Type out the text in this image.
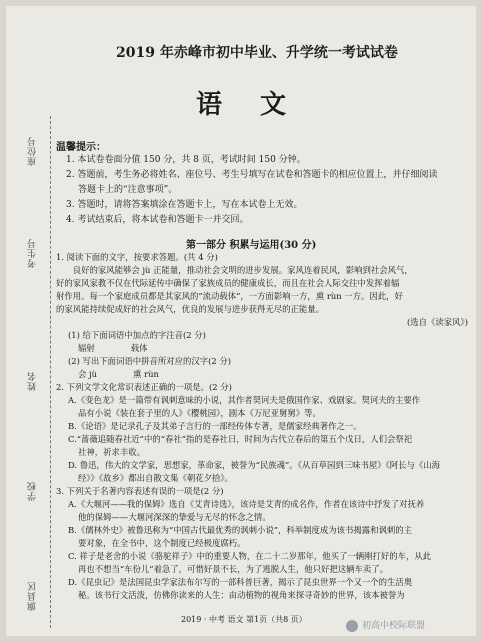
座位号
考生号
姓名
学校
旗县区
2019 年赤峰市初中毕业、升学统一考试试卷
语文
温馨提示：

1. 本试卷卷面分值 150 分，共 8 页，考试时间 150 分钟。

2. 答题前，考生务必将姓名、座位号、考生号填写在试卷和答题卡的相应位置上，并仔细阅读

答题卡上的“注意事项”。

3. 答题时，请将答案填涂在答题卡上，写在本试卷上无效。

4. 考试结束后，将本试卷和答题卡一并交回。

第一部分 积累与运用(30 分)

1. 阅读下面的文字，按要求答题。(共 4 分)

良好的家风能够会 jù 正能量，推动社会文明的进步发展。家风连着民风，影响到社会风气，

好的家风家教不仅在代际延传中确保了家族成员的健康成长，而且在社会人际交往中发挥着辐

射作用。每一个家庭成员都是其家风的“流动载体”，一方面影响一方，熏 rùn 一方。因此，好

的家风能持续促成好的社会风气，优良的发展与进步获得无尽的正能量。

(选自《读家风》)

(1) 给下面词语中加点的字注音(2 分)

辐射	载体

(2) 写出下面词语中拼音所对应的汉字(2 分)

会 jù	熏 rùn

2. 下列文学文化常识表述正确的一项是。(2 分)

A.《变色龙》是一篇带有讽刺意味的小说，其作者契诃夫是俄国作家、戏剧家。契诃夫的主要作

品有小说《装在套子里的人》《樱桃园》，剧本《万尼亚舅舅》等。

B.《论语》是记录孔子及其弟子言行的一部经传体专著，是儒家经典著作之一。

C.“蔷薇追随春社近”中的“春社”指的是春社日，时间为古代立春后的第五个戊日，人们会祭祀

社神，祈求丰收。

D. 鲁迅，伟大的文学家，思想家，革命家，被誉为“民族魂”。《从百草园到三味书屋》《阿长与《山海

经》》《故乡》都出自散文集《朝花夕拾》。

3. 下列关于名著内容表述有误的一项是(2 分)

A.《大堰河——我的保姆》选自《艾青诗选》，该诗是艾青的成名作，作者在该诗中抒发了对抚养

他的保姆——大堰河深深的挚爱与无尽的怀念之情。

B.《儒林外史》被鲁迅称为“中国古代最优秀的讽刺小说”，科举制度成为该书揭露和讽刺的主

要对象，在全书中，这个制度已经极度腐朽。

C. 祥子是老舍的小说《骆驼祥子》中的重要人物，在二十二岁那年，他买了一辆刚打好的车，从此

再也不想当“车份儿”着急了，可惜好景不长，为了逃脱人生，他只好把这辆车卖了。

D.《昆虫记》是法国昆虫学家法布尔写的一部科普巨著，揭示了昆虫世界一个又一个的生活奥

秘。该书行文活泼，仿佛你读来的人生：由动植物的视角来探寻奇妙的世界，该本被誉为

2019 · 中考 语文 第1页（共8 页）
初高中校际联盟
